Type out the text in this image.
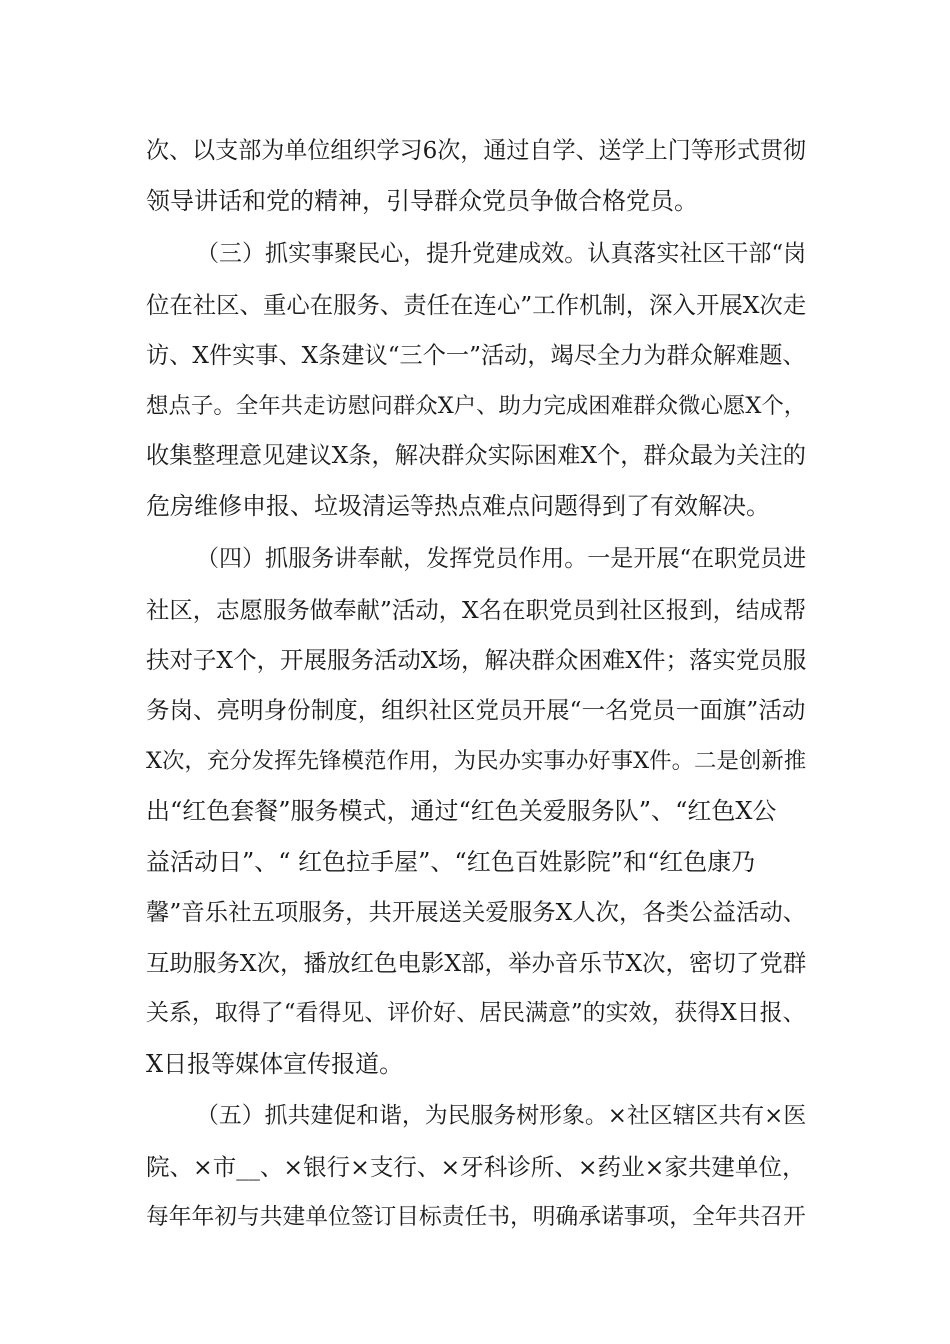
次、以支部为单位组织学习6次，通过自学、送学上门等形式贯彻
领导讲话和党的精神，引导群众党员争做合格党员。
（三）抓实事聚民心，提升党建成效。认真落实社区干部“岗
位在社区、重心在服务、责任在连心”工作机制，深入开展X次走
访、X件实事、X条建议“三个一”活动，竭尽全力为群众解难题、
想点子。全年共走访慰问群众X户、助力完成困难群众微心愿X个，
收集整理意见建议X条，解决群众实际困难X个，群众最为关注的
危房维修申报、垃圾清运等热点难点问题得到了有效解决。
（四）抓服务讲奉献，发挥党员作用。一是开展“在职党员进
社区，志愿服务做奉献”活动，X名在职党员到社区报到，结成帮
扶对子X个，开展服务活动X场，解决群众困难X件；落实党员服
务岗、亮明身份制度，组织社区党员开展“一名党员一面旗”活动
X次，充分发挥先锋模范作用，为民办实事办好事X件。二是创新推
出“红色套餐”服务模式，通过“红色关爱服务队”、“红色X公
益活动日”、“ 红色拉手屋”、“红色百姓影院”和“红色康乃
馨”音乐社五项服务，共开展送关爱服务X人次，各类公益活动、
互助服务X次，播放红色电影X部，举办音乐节X次，密切了党群
关系，取得了“看得见、评价好、居民满意”的实效，获得X日报、
X日报等媒体宣传报道。
（五）抓共建促和谐，为民服务树形象。×社区辖区共有×医
院、×市__、×银行×支行、×牙科诊所、×药业×家共建单位，
每年年初与共建单位签订目标责任书，明确承诺事项，全年共召开
